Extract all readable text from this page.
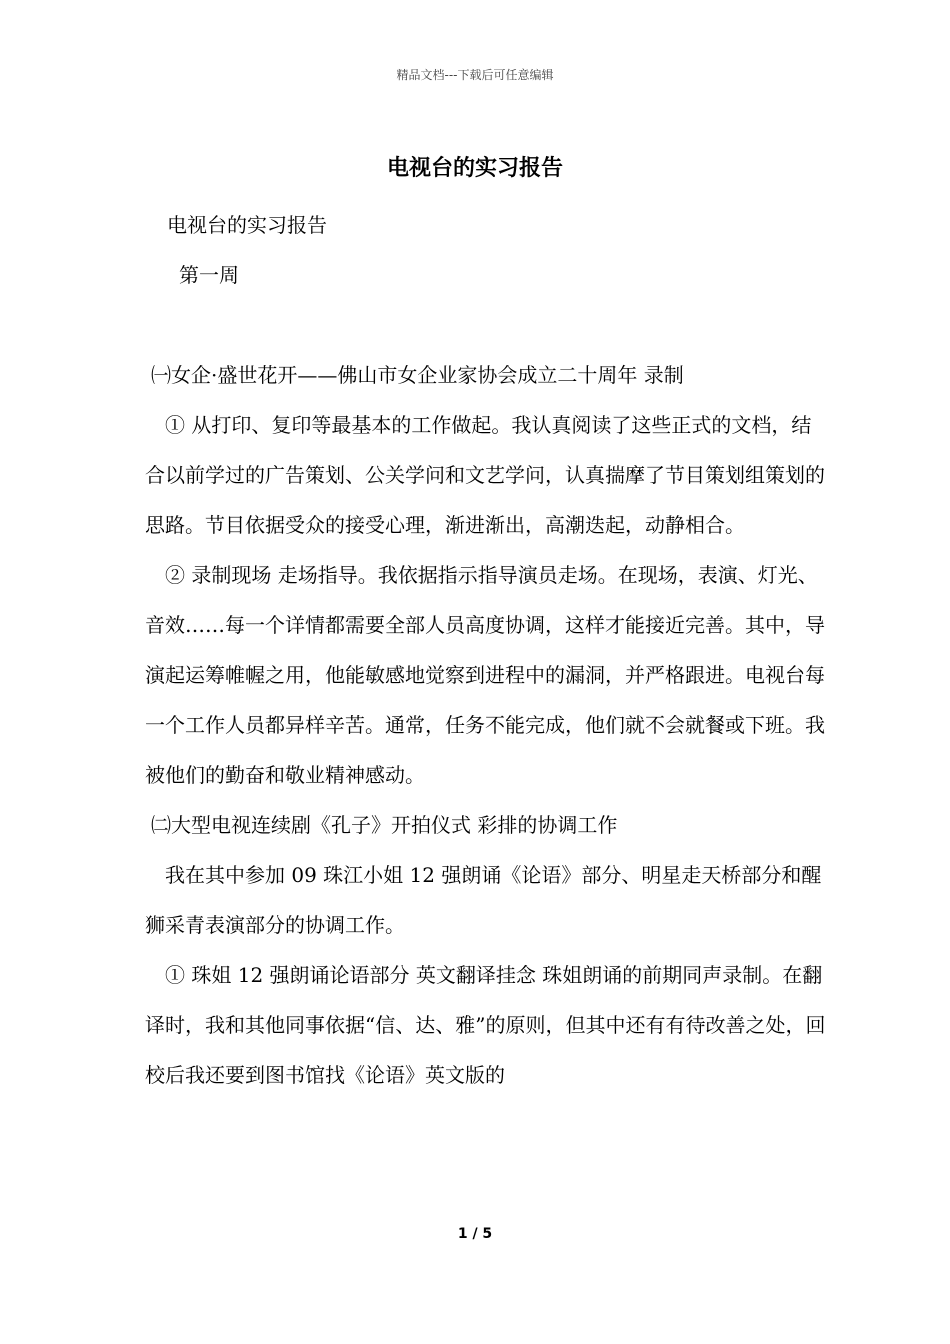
精品文档---下载后可任意编辑
电视台的实习报告

电视台的实习报告

第一周

㈠女企·盛世花开——佛山市女企业家协会成立二十周年 录制

① 从打印、复印等最基本的工作做起。我认真阅读了这些正式的文档，结合以前学过的广告策划、公关学问和文艺学问，认真揣摩了节目策划组策划的思路。节目依据受众的接受心理，渐进渐出，高潮迭起，动静相合。

② 录制现场 走场指导。我依据指示指导演员走场。在现场，表演、灯光、音效……每一个详情都需要全部人员高度协调，这样才能接近完善。其中，导演起运筹帷幄之用，他能敏感地觉察到进程中的漏洞，并严格跟进。电视台每一个工作人员都异样辛苦。通常，任务不能完成，他们就不会就餐或下班。我被他们的勤奋和敬业精神感动。

㈡大型电视连续剧《孔子》开拍仪式 彩排的协调工作

我在其中参加 09 珠江小姐 12 强朗诵《论语》部分、明星走天桥部分和醒狮采青表演部分的协调工作。

① 珠姐 12 强朗诵论语部分 英文翻译挂念 珠姐朗诵的前期同声录制。在翻译时，我和其他同事依据“信、达、雅”的原则，但其中还有有待改善之处，回校后我还要到图书馆找《论语》英文版的

1 / 5
